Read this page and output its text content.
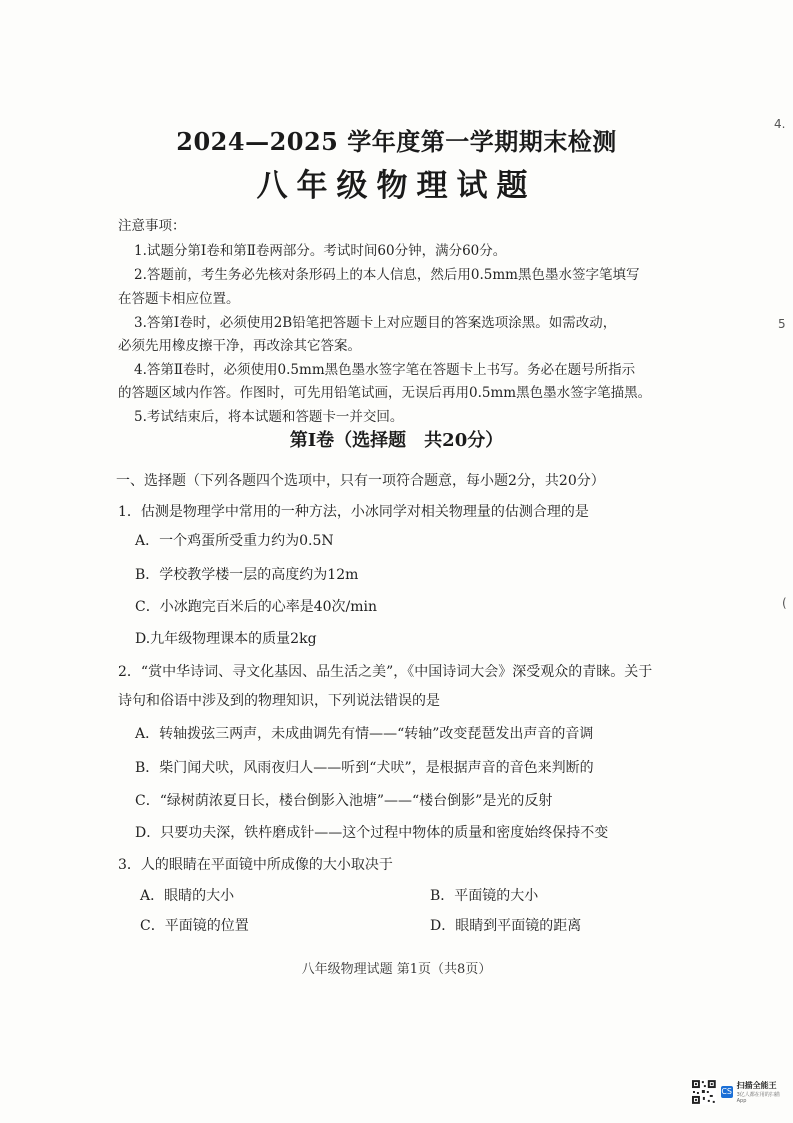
2024—2025 学年度第一学期期末检测
八年级物理试题
注意事项：
1.试题分第Ⅰ卷和第Ⅱ卷两部分。考试时间60分钟，满分60分。
2.答题前，考生务必先核对条形码上的本人信息，然后用0.5mm黑色墨水签字笔填写
在答题卡相应位置。
3.答第Ⅰ卷时，必须使用2B铅笔把答题卡上对应题目的答案选项涂黑。如需改动，
必须先用橡皮擦干净，再改涂其它答案。
4.答第Ⅱ卷时，必须使用0.5mm黑色墨水签字笔在答题卡上书写。务必在题号所指示
的答题区域内作答。作图时，可先用铅笔试画，无误后再用0.5mm黑色墨水签字笔描黑。
5.考试结束后，将本试题和答题卡一并交回。
第Ⅰ卷（选择题　共20分）
一、选择题（下列各题四个选项中，只有一项符合题意，每小题2分，共20分）
1．估测是物理学中常用的一种方法，小冰同学对相关物理量的估测合理的是
A．一个鸡蛋所受重力约为0.5N
B．学校教学楼一层的高度约为12m
C．小冰跑完百米后的心率是40次/min
D.九年级物理课本的质量2kg
2．“赏中华诗词、寻文化基因、品生活之美”，《中国诗词大会》深受观众的青睐。关于
诗句和俗语中涉及到的物理知识，下列说法错误的是
A．转轴拨弦三两声，未成曲调先有情——“转轴”改变琵琶发出声音的音调
B．柴门闻犬吠，风雨夜归人——听到“犬吠”，是根据声音的音色来判断的
C．“绿树荫浓夏日长，楼台倒影入池塘”——“楼台倒影”是光的反射
D．只要功夫深，铁杵磨成针——这个过程中物体的质量和密度始终保持不变
3．人的眼睛在平面镜中所成像的大小取决于
A．眼睛的大小	B．平面镜的大小
C．平面镜的位置	D．眼睛到平面镜的距离
八年级物理试题 第1页（共8页）
4.
5
(
CS
扫描全能王
3亿人都在用的扫描App
